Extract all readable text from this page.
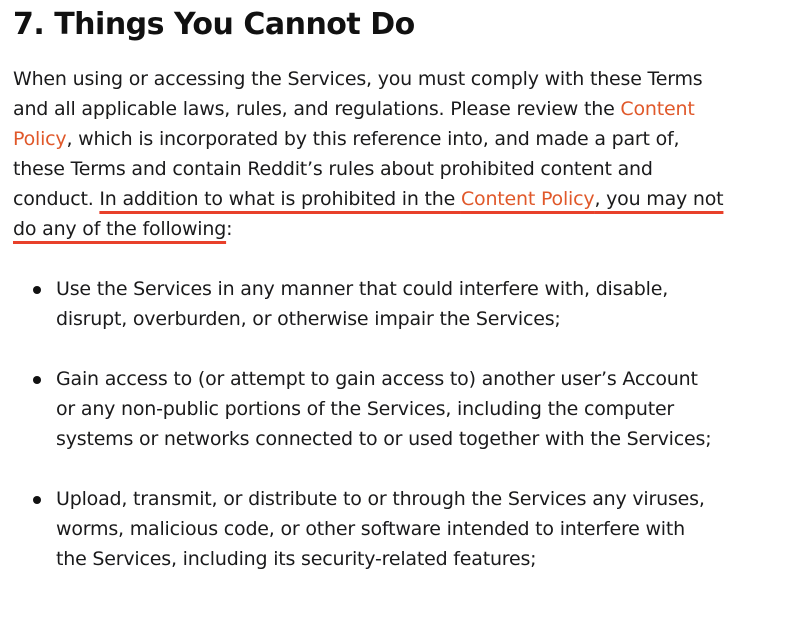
7. Things You Cannot Do

When using or accessing the Services, you must comply with these Terms and all applicable laws, rules, and regulations. Please review the Content Policy, which is incorporated by this reference into, and made a part of, these Terms and contain Reddit’s rules about prohibited content and conduct. In addition to what is prohibited in the Content Policy, you may not do any of the following:

Use the Services in any manner that could interfere with, disable, disrupt, overburden, or otherwise impair the Services;
Gain access to (or attempt to gain access to) another user’s Account or any non-public portions of the Services, including the computer systems or networks connected to or used together with the Services;
Upload, transmit, or distribute to or through the Services any viruses, worms, malicious code, or other software intended to interfere with the Services, including its security-related features;
